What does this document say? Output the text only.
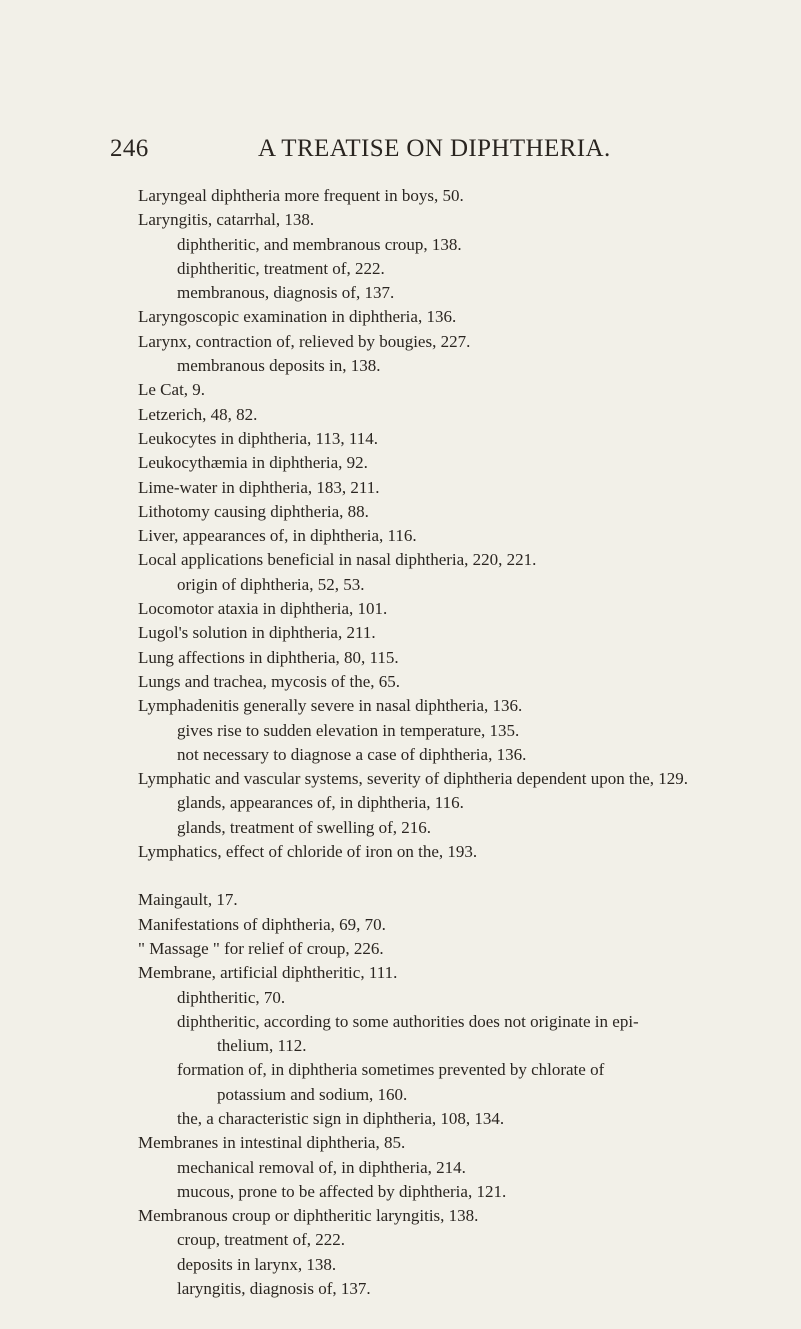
246	A TREATISE ON DIPHTHERIA.
Laryngeal diphtheria more frequent in boys, 50.
Laryngitis, catarrhal, 138.
diphtheritic, and membranous croup, 138.
diphtheritic, treatment of, 222.
membranous, diagnosis of, 137.
Laryngoscopic examination in diphtheria, 136.
Larynx, contraction of, relieved by bougies, 227.
membranous deposits in, 138.
Le Cat, 9.
Letzerich, 48, 82.
Leukocytes in diphtheria, 113, 114.
Leukocythæmia in diphtheria, 92.
Lime-water in diphtheria, 183, 211.
Lithotomy causing diphtheria, 88.
Liver, appearances of, in diphtheria, 116.
Local applications beneficial in nasal diphtheria, 220, 221.
origin of diphtheria, 52, 53.
Locomotor ataxia in diphtheria, 101.
Lugol's solution in diphtheria, 211.
Lung affections in diphtheria, 80, 115.
Lungs and trachea, mycosis of the, 65.
Lymphadenitis generally severe in nasal diphtheria, 136.
gives rise to sudden elevation in temperature, 135.
not necessary to diagnose a case of diphtheria, 136.
Lymphatic and vascular systems, severity of diphtheria dependent upon the, 129.
glands, appearances of, in diphtheria, 116.
glands, treatment of swelling of, 216.
Lymphatics, effect of chloride of iron on the, 193.
Maingault, 17.
Manifestations of diphtheria, 69, 70.
" Massage " for relief of croup, 226.
Membrane, artificial diphtheritic, 111.
diphtheritic, 70.
diphtheritic, according to some authorities does not originate in epi-
thelium, 112.
formation of, in diphtheria sometimes prevented by chlorate of
potassium and sodium, 160.
the, a characteristic sign in diphtheria, 108, 134.
Membranes in intestinal diphtheria, 85.
mechanical removal of, in diphtheria, 214.
mucous, prone to be affected by diphtheria, 121.
Membranous croup or diphtheritic laryngitis, 138.
croup, treatment of, 222.
deposits in larynx, 138.
laryngitis, diagnosis of, 137.
